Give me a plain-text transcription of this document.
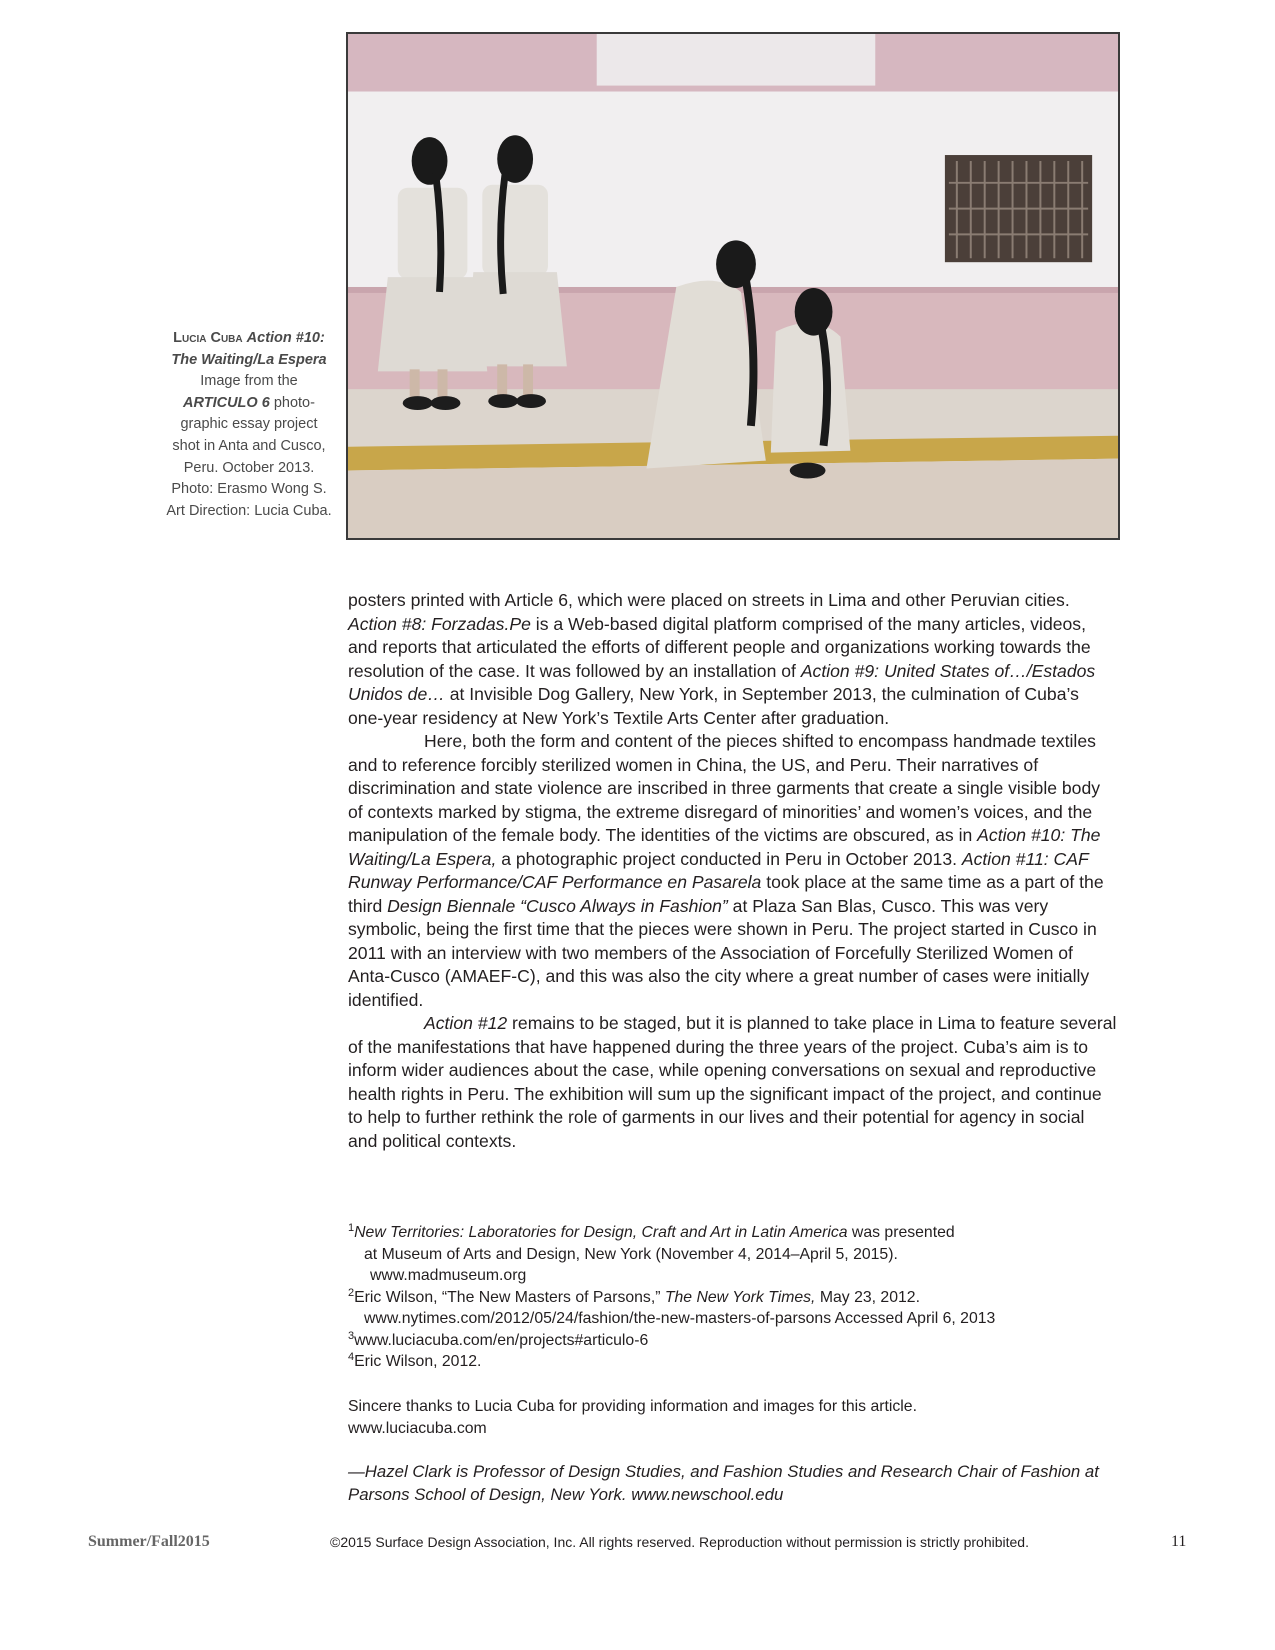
Lucia Cuba Action #10:
The Waiting/La Espera
Image from the
ARTICULO 6 photo-graphic essay project shot in Anta and Cusco, Peru. October 2013. Photo: Erasmo Wong S. Art Direction: Lucia Cuba.

posters printed with Article 6, which were placed on streets in Lima and other Peruvian cities. Action #8: Forzadas.Pe is a Web-based digital platform comprised of the many articles, videos, and reports that articulated the efforts of different people and organizations working towards the resolution of the case. It was followed by an installation of Action #9: United States of…/Estados Unidos de… at Invisible Dog Gallery, New York, in September 2013, the culmination of Cuba’s one-year residency at New York’s Textile Arts Center after graduation.

Here, both the form and content of the pieces shifted to encompass handmade textiles and to reference forcibly sterilized women in China, the US, and Peru. Their narratives of discrimination and state violence are inscribed in three garments that create a single visible body of contexts marked by stigma, the extreme disregard of minorities’ and women’s voices, and the manipulation of the female body. The identities of the victims are obscured, as in Action #10: The Waiting/La Espera, a photographic project conducted in Peru in October 2013. Action #11: CAF Runway Performance/CAF Performance en Pasarela took place at the same time as a part of the third Design Biennale “Cusco Always in Fashion” at Plaza San Blas, Cusco. This was very symbolic, being the first time that the pieces were shown in Peru. The project started in Cusco in 2011 with an interview with two members of the Association of Forcefully Sterilized Women of Anta-Cusco (AMAEF-C), and this was also the city where a great number of cases were initially identified.

Action #12 remains to be staged, but it is planned to take place in Lima to feature several of the manifestations that have happened during the three years of the project. Cuba’s aim is to inform wider audiences about the case, while opening conversations on sexual and reproductive health rights in Peru. The exhibition will sum up the significant impact of the project, and continue to help to further rethink the role of garments in our lives and their potential for agency in social and political contexts.

$^1$New Territories: Laboratories for Design, Craft and Art in Latin America was presented
at Museum of Arts and Design, New York (November 4, 2014–April 5, 2015).
www.madmuseum.org
$^2$Eric Wilson, “The New Masters of Parsons,” The New York Times, May 23, 2012.
www.nytimes.com/2012/05/24/fashion/the-new-masters-of-parsons Accessed April 6, 2013
$^3$www.luciacuba.com/en/projects#articulo-6
$^4$Eric Wilson, 2012.
Sincere thanks to Lucia Cuba for providing information and images for this article.
www.luciacuba.com
—Hazel Clark is Professor of Design Studies, and Fashion Studies and Research Chair of Fashion at Parsons School of Design, New York. www.newschool.edu
Summer/Fall2015	©2015 Surface Design Association, Inc. All rights reserved. Reproduction without permission is strictly prohibited.	11
